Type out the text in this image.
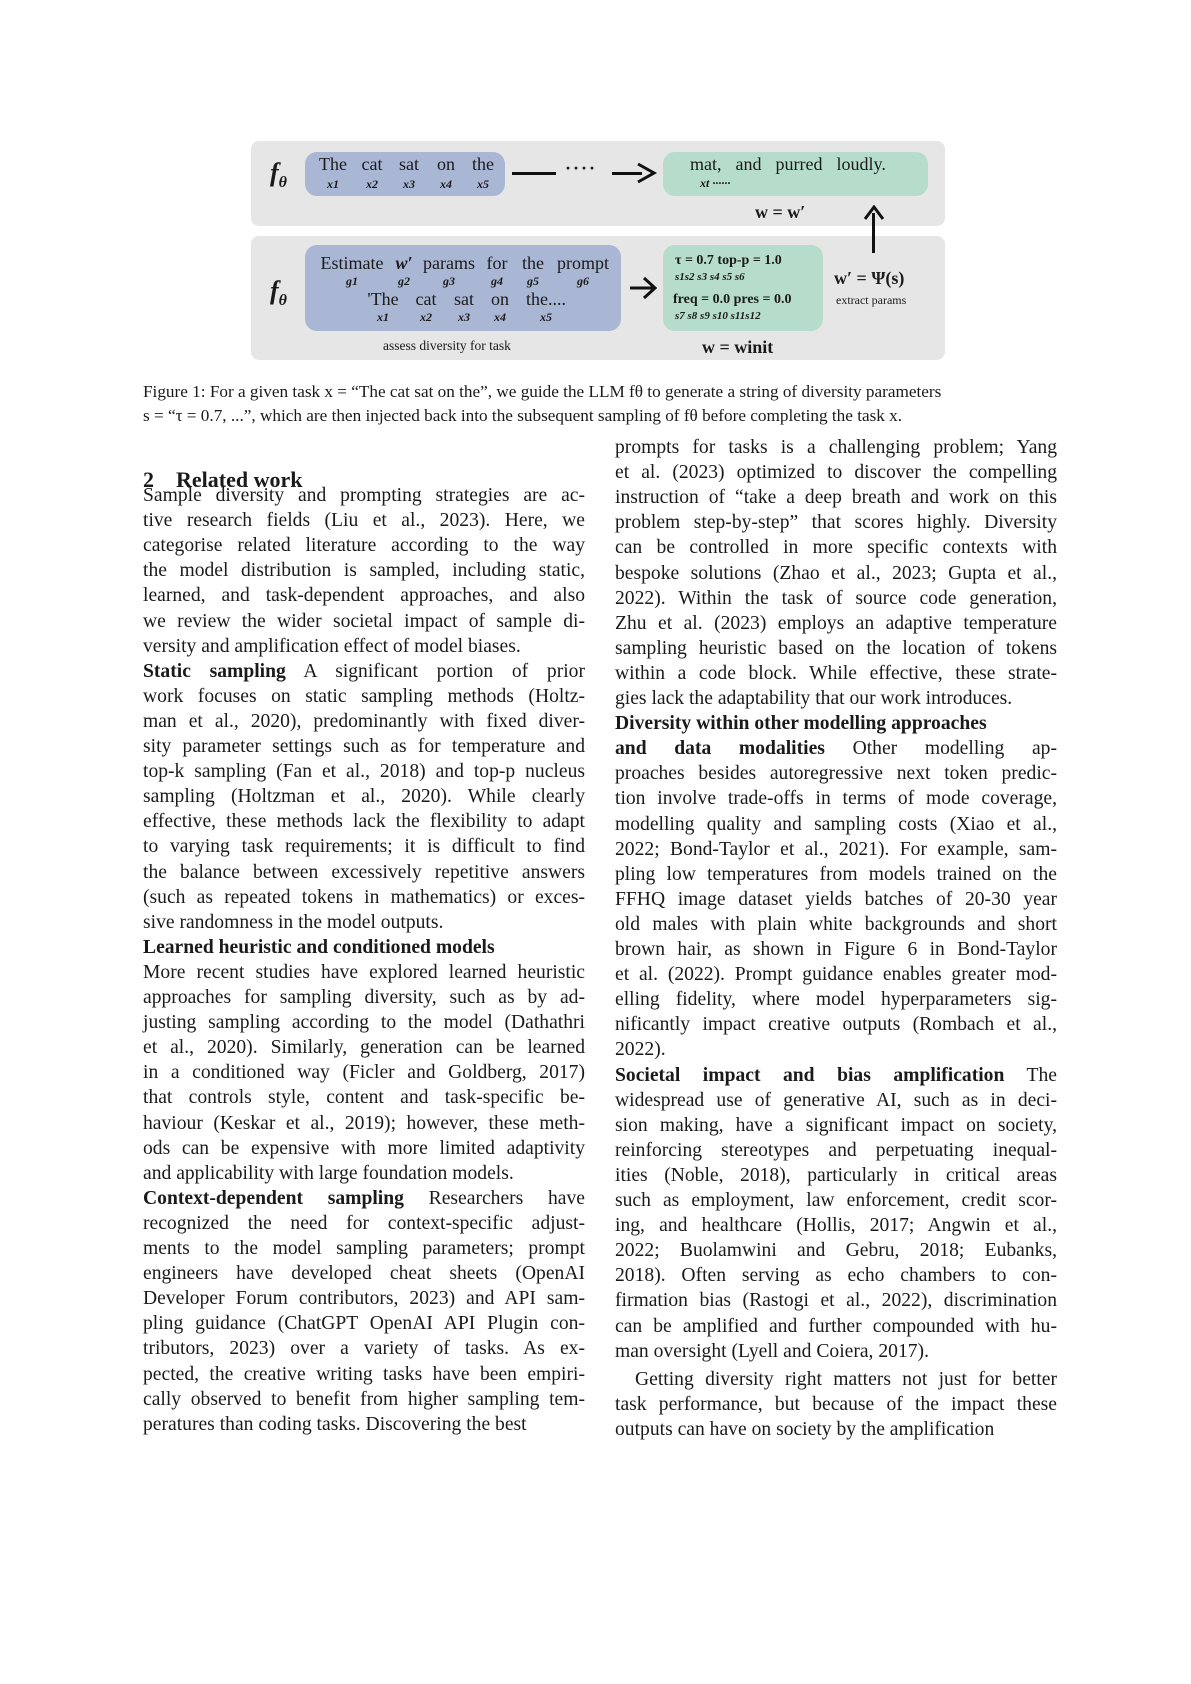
$f_\theta$
The cat sat	on the
x1	x2	x3	x4	x5
····	mat, and purred loudly.
xt ······
w = w′
$f_\theta$
Estimate w′ params for the prompt
g1	g2	g3	g4	g5	g6
'The cat sat on the....
x1	x2	x3	x4	x5
τ = 0.7 top-p = 1.0
s1s2 s3 s4 s5 s6
freq = 0.0 pres = 0.0
s7 s8 s9 s10 s11s12
w′ = Ψ(s)
extract params
assess diversity for task	w = winit
Figure 1: For a given task x = “The cat sat on the”, we guide the LLM fθ to generate a string of diversity parameters
s = “τ = 0.7, ...”, which are then injected back into the subsequent sampling of fθ before completing the task x.
2 Related work
Sample diversity and prompting strategies are ac-
tive research fields (Liu et al., 2023). Here, we
categorise related literature according to the way
the model distribution is sampled, including static,
learned, and task-dependent approaches, and also
we review the wider societal impact of sample di-
versity and amplification effect of model biases.
Static sampling A significant portion of prior
work focuses on static sampling methods (Holtz-
man et al., 2020), predominantly with fixed diver-
sity parameter settings such as for temperature and
top-k sampling (Fan et al., 2018) and top-p nucleus
sampling (Holtzman et al., 2020). While clearly
effective, these methods lack the flexibility to adapt
to varying task requirements; it is difficult to find
the balance between excessively repetitive answers
(such as repeated tokens in mathematics) or exces-
sive randomness in the model outputs.
Learned heuristic and conditioned models
More recent studies have explored learned heuristic
approaches for sampling diversity, such as by ad-
justing sampling according to the model (Dathathri
et al., 2020). Similarly, generation can be learned
in a conditioned way (Ficler and Goldberg, 2017)
that controls style, content and task-specific be-
haviour (Keskar et al., 2019); however, these meth-
ods can be expensive with more limited adaptivity
and applicability with large foundation models.
Context-dependent sampling Researchers have
recognized the need for context-specific adjust-
ments to the model sampling parameters; prompt
engineers have developed cheat sheets (OpenAI
Developer Forum contributors, 2023) and API sam-
pling guidance (ChatGPT OpenAI API Plugin con-
tributors, 2023) over a variety of tasks. As ex-
pected, the creative writing tasks have been empiri-
cally observed to benefit from higher sampling tem-
peratures than coding tasks. Discovering the best
prompts for tasks is a challenging problem; Yang
et al. (2023) optimized to discover the compelling
instruction of “take a deep breath and work on this
problem step-by-step” that scores highly. Diversity
can be controlled in more specific contexts with
bespoke solutions (Zhao et al., 2023; Gupta et al.,
2022). Within the task of source code generation,
Zhu et al. (2023) employs an adaptive temperature
sampling heuristic based on the location of tokens
within a code block. While effective, these strate-
gies lack the adaptability that our work introduces.
Diversity within other modelling approaches
and data modalities Other modelling ap-
proaches besides autoregressive next token predic-
tion involve trade-offs in terms of mode coverage,
modelling quality and sampling costs (Xiao et al.,
2022; Bond-Taylor et al., 2021). For example, sam-
pling low temperatures from models trained on the
FFHQ image dataset yields batches of 20-30 year
old males with plain white backgrounds and short
brown hair, as shown in Figure 6 in Bond-Taylor
et al. (2022). Prompt guidance enables greater mod-
elling fidelity, where model hyperparameters sig-
nificantly impact creative outputs (Rombach et al.,
2022).
Societal impact and bias amplification The
widespread use of generative AI, such as in deci-
sion making, have a significant impact on society,
reinforcing stereotypes and perpetuating inequal-
ities (Noble, 2018), particularly in critical areas
such as employment, law enforcement, credit scor-
ing, and healthcare (Hollis, 2017; Angwin et al.,
2022; Buolamwini and Gebru, 2018; Eubanks,
2018). Often serving as echo chambers to con-
firmation bias (Rastogi et al., 2022), discrimination
can be amplified and further compounded with hu-
man oversight (Lyell and Coiera, 2017).
Getting diversity right matters not just for better
task performance, but because of the impact these
outputs can have on society by the amplification
